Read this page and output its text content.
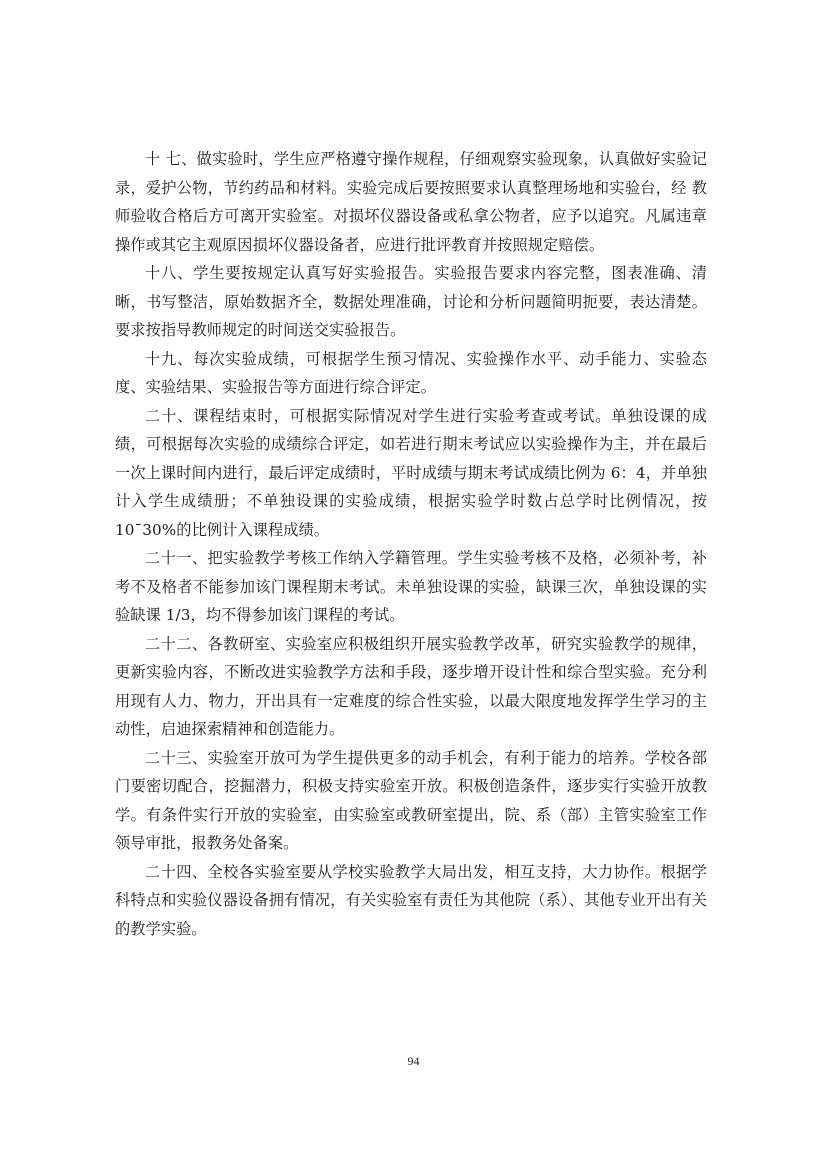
十 七、做实验时，学生应严格遵守操作规程，仔细观察实验现象，认真做好实验记录，爱护公物，节约药品和材料。实验完成后要按照要求认真整理场地和实验台，经 教师验收合格后方可离开实验室。对损坏仪器设备或私拿公物者，应予以追究。凡属违章操作或其它主观原因损坏仪器设备者，应进行批评教育并按照规定赔偿。

十八、学生要按规定认真写好实验报告。实验报告要求内容完整，图表准确、清晰，书写整洁，原始数据齐全，数据处理准确，讨论和分析问题简明扼要，表达清楚。要求按指导教师规定的时间送交实验报告。

十九、每次实验成绩，可根据学生预习情况、实验操作水平、动手能力、实验态度、实验结果、实验报告等方面进行综合评定。

二十、课程结束时，可根据实际情况对学生进行实验考查或考试。单独设课的成绩，可根据每次实验的成绩综合评定，如若进行期末考试应以实验操作为主，并在最后一次上课时间内进行，最后评定成绩时，平时成绩与期末考试成绩比例为 6：4，并单独计入学生成绩册；不单独设课的实验成绩，根据实验学时数占总学时比例情况，按 10¯30%的比例计入课程成绩。

二十一、把实验教学考核工作纳入学籍管理。学生实验考核不及格，必须补考，补考不及格者不能参加该门课程期末考试。未单独设课的实验，缺课三次，单独设课的实验缺课 1/3，均不得参加该门课程的考试。

二十二、各教研室、实验室应积极组织开展实验教学改革，研究实验教学的规律，更新实验内容，不断改进实验教学方法和手段，逐步增开设计性和综合型实验。充分利用现有人力、物力，开出具有一定难度的综合性实验，以最大限度地发挥学生学习的主动性，启迪探索精神和创造能力。

二十三、实验室开放可为学生提供更多的动手机会，有利于能力的培养。学校各部门要密切配合，挖掘潜力，积极支持实验室开放。积极创造条件，逐步实行实验开放教学。有条件实行开放的实验室，由实验室或教研室提出，院、系（部）主管实验室工作领导审批，报教务处备案。

二十四、全校各实验室要从学校实验教学大局出发，相互支持，大力协作。根据学科特点和实验仪器设备拥有情况，有关实验室有责任为其他院（系）、其他专业开出有关的教学实验。

94
